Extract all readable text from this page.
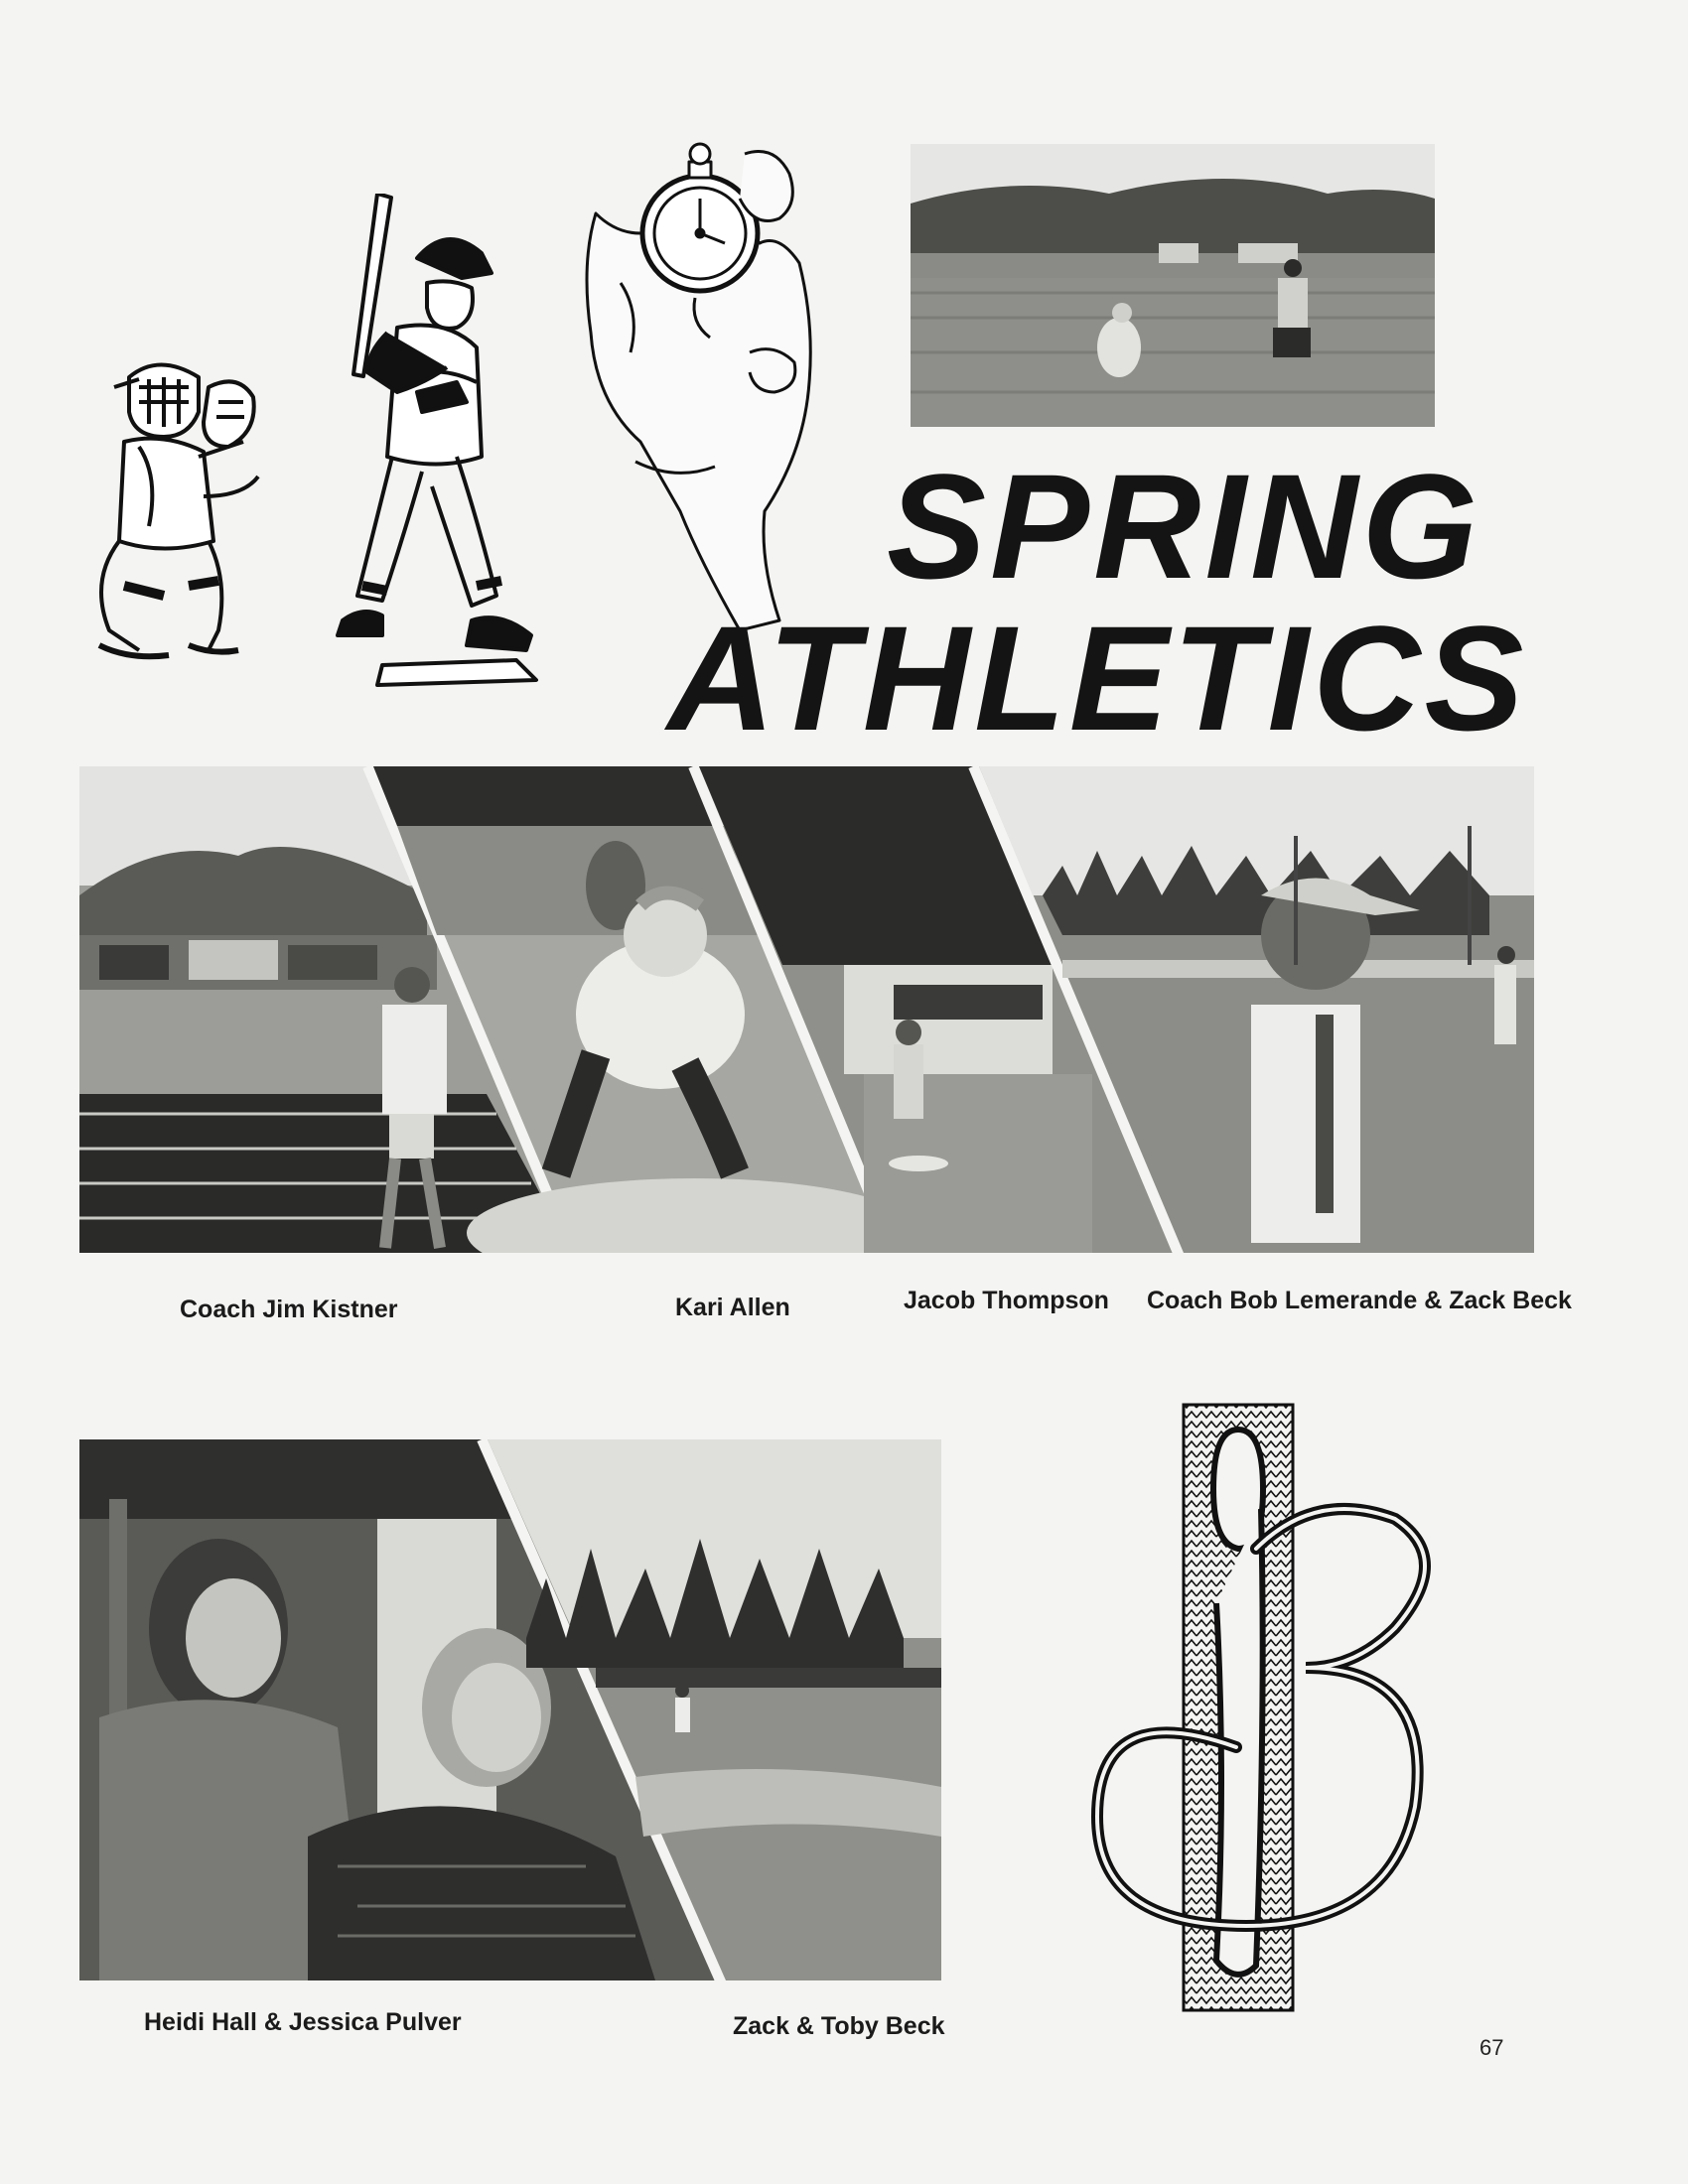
SPRING
ATHLETICS
Coach Jim Kistner	Kari Allen	Jacob Thompson Coach Bob Lemerande & Zack Beck
Heidi Hall & Jessica Pulver	Zack & Toby Beck
67
